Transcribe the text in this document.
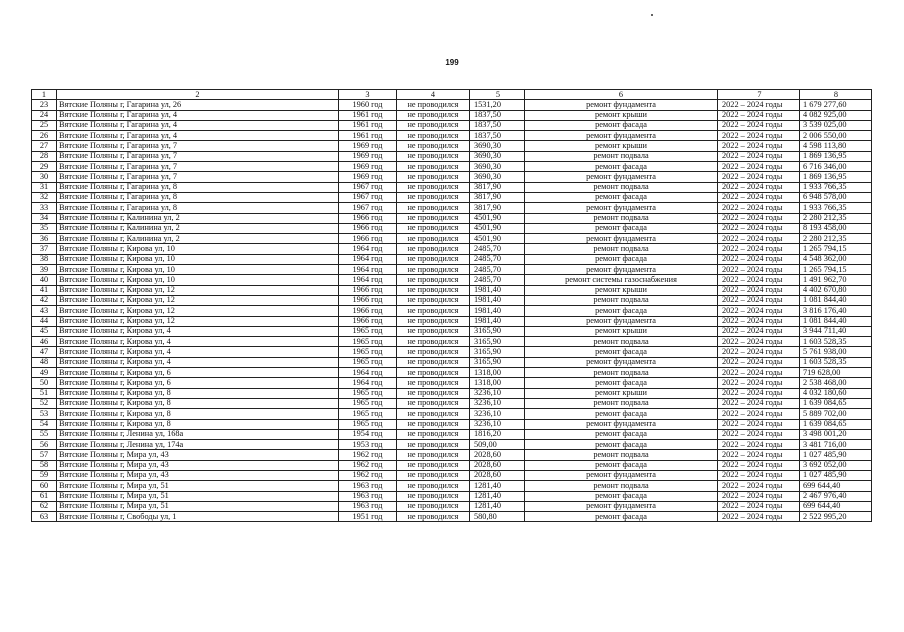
199
1	2	3	4	5	6	7	8
23	Вятские Поляны г, Гагарина ул, 26	1960 год	не проводился	1531,20	ремонт фундамента	2022 – 2024 годы	1 679 277,60
24	Вятские Поляны г, Гагарина ул, 4	1961 год	не проводился	1837,50	ремонт крыши	2022 – 2024 годы	4 082 925,00
25	Вятские Поляны г, Гагарина ул, 4	1961 год	не проводился	1837,50	ремонт фасада	2022 – 2024 годы	3 539 025,00
26	Вятские Поляны г, Гагарина ул, 4	1961 год	не проводился	1837,50	ремонт фундамента	2022 – 2024 годы	2 006 550,00
27	Вятские Поляны г, Гагарина ул, 7	1969 год	не проводился	3690,30	ремонт крыши	2022 – 2024 годы	4 598 113,80
28	Вятские Поляны г, Гагарина ул, 7	1969 год	не проводился	3690,30	ремонт подвала	2022 – 2024 годы	1 869 136,95
29	Вятские Поляны г, Гагарина ул, 7	1969 год	не проводился	3690,30	ремонт фасада	2022 – 2024 годы	6 716 346,00
30	Вятские Поляны г, Гагарина ул, 7	1969 год	не проводился	3690,30	ремонт фундамента	2022 – 2024 годы	1 869 136,95
31	Вятские Поляны г, Гагарина ул, 8	1967 год	не проводился	3817,90	ремонт подвала	2022 – 2024 годы	1 933 766,35
32	Вятские Поляны г, Гагарина ул, 8	1967 год	не проводился	3817,90	ремонт фасада	2022 – 2024 годы	6 948 578,00
33	Вятские Поляны г, Гагарина ул, 8	1967 год	не проводился	3817,90	ремонт фундамента	2022 – 2024 годы	1 933 766,35
34	Вятские Поляны г, Калинина ул, 2	1966 год	не проводился	4501,90	ремонт подвала	2022 – 2024 годы	2 280 212,35
35	Вятские Поляны г, Калинина ул, 2	1966 год	не проводился	4501,90	ремонт фасада	2022 – 2024 годы	8 193 458,00
36	Вятские Поляны г, Калинина ул, 2	1966 год	не проводился	4501,90	ремонт фундамента	2022 – 2024 годы	2 280 212,35
37	Вятские Поляны г, Кирова ул, 10	1964 год	не проводился	2485,70	ремонт подвала	2022 – 2024 годы	1 265 794,15
38	Вятские Поляны г, Кирова ул, 10	1964 год	не проводился	2485,70	ремонт фасада	2022 – 2024 годы	4 548 362,00
39	Вятские Поляны г, Кирова ул, 10	1964 год	не проводился	2485,70	ремонт фундамента	2022 – 2024 годы	1 265 794,15
40	Вятские Поляны г, Кирова ул, 10	1964 год	не проводился	2485,70	ремонт системы газоснабжения	2022 – 2024 годы	1 491 962,70
41	Вятские Поляны г, Кирова ул, 12	1966 год	не проводился	1981,40	ремонт крыши	2022 – 2024 годы	4 402 670,80
42	Вятские Поляны г, Кирова ул, 12	1966 год	не проводился	1981,40	ремонт подвала	2022 – 2024 годы	1 081 844,40
43	Вятские Поляны г, Кирова ул, 12	1966 год	не проводился	1981,40	ремонт фасада	2022 – 2024 годы	3 816 176,40
44	Вятские Поляны г, Кирова ул, 12	1966 год	не проводился	1981,40	ремонт фундамента	2022 – 2024 годы	1 081 844,40
45	Вятские Поляны г, Кирова ул, 4	1965 год	не проводился	3165,90	ремонт крыши	2022 – 2024 годы	3 944 711,40
46	Вятские Поляны г, Кирова ул, 4	1965 год	не проводился	3165,90	ремонт подвала	2022 – 2024 годы	1 603 528,35
47	Вятские Поляны г, Кирова ул, 4	1965 год	не проводился	3165,90	ремонт фасада	2022 – 2024 годы	5 761 938,00
48	Вятские Поляны г, Кирова ул, 4	1965 год	не проводился	3165,90	ремонт фундамента	2022 – 2024 годы	1 603 528,35
49	Вятские Поляны г, Кирова ул, 6	1964 год	не проводился	1318,00	ремонт подвала	2022 – 2024 годы	719 628,00
50	Вятские Поляны г, Кирова ул, 6	1964 год	не проводился	1318,00	ремонт фасада	2022 – 2024 годы	2 538 468,00
51	Вятские Поляны г, Кирова ул, 8	1965 год	не проводился	3236,10	ремонт крыши	2022 – 2024 годы	4 032 180,60
52	Вятские Поляны г, Кирова ул, 8	1965 год	не проводился	3236,10	ремонт подвала	2022 – 2024 годы	1 639 084,65
53	Вятские Поляны г, Кирова ул, 8	1965 год	не проводился	3236,10	ремонт фасада	2022 – 2024 годы	5 889 702,00
54	Вятские Поляны г, Кирова ул, 8	1965 год	не проводился	3236,10	ремонт фундамента	2022 – 2024 годы	1 639 084,65
55	Вятские Поляны г, Ленина ул, 168а	1954 год	не проводился	1816,20	ремонт фасада	2022 – 2024 годы	3 498 001,20
56	Вятские Поляны г, Ленина ул, 174а	1953 год	не проводился	509,00	ремонт фасада	2022 – 2024 годы	3 481 716,00
57	Вятские Поляны г, Мира ул, 43	1962 год	не проводился	2028,60	ремонт подвала	2022 – 2024 годы	1 027 485,90
58	Вятские Поляны г, Мира ул, 43	1962 год	не проводился	2028,60	ремонт фасада	2022 – 2024 годы	3 692 052,00
59	Вятские Поляны г, Мира ул, 43	1962 год	не проводился	2028,60	ремонт фундамента	2022 – 2024 годы	1 027 485,90
60	Вятские Поляны г, Мира ул, 51	1963 год	не проводился	1281,40	ремонт подвала	2022 – 2024 годы	699 644,40
61	Вятские Поляны г, Мира ул, 51	1963 год	не проводился	1281,40	ремонт фасада	2022 – 2024 годы	2 467 976,40
62	Вятские Поляны г, Мира ул, 51	1963 год	не проводился	1281,40	ремонт фундамента	2022 – 2024 годы	699 644,40
63	Вятские Поляны г, Свободы ул, 1	1951 год	не проводился	580,80	ремонт фасада	2022 – 2024 годы	2 522 995,20
